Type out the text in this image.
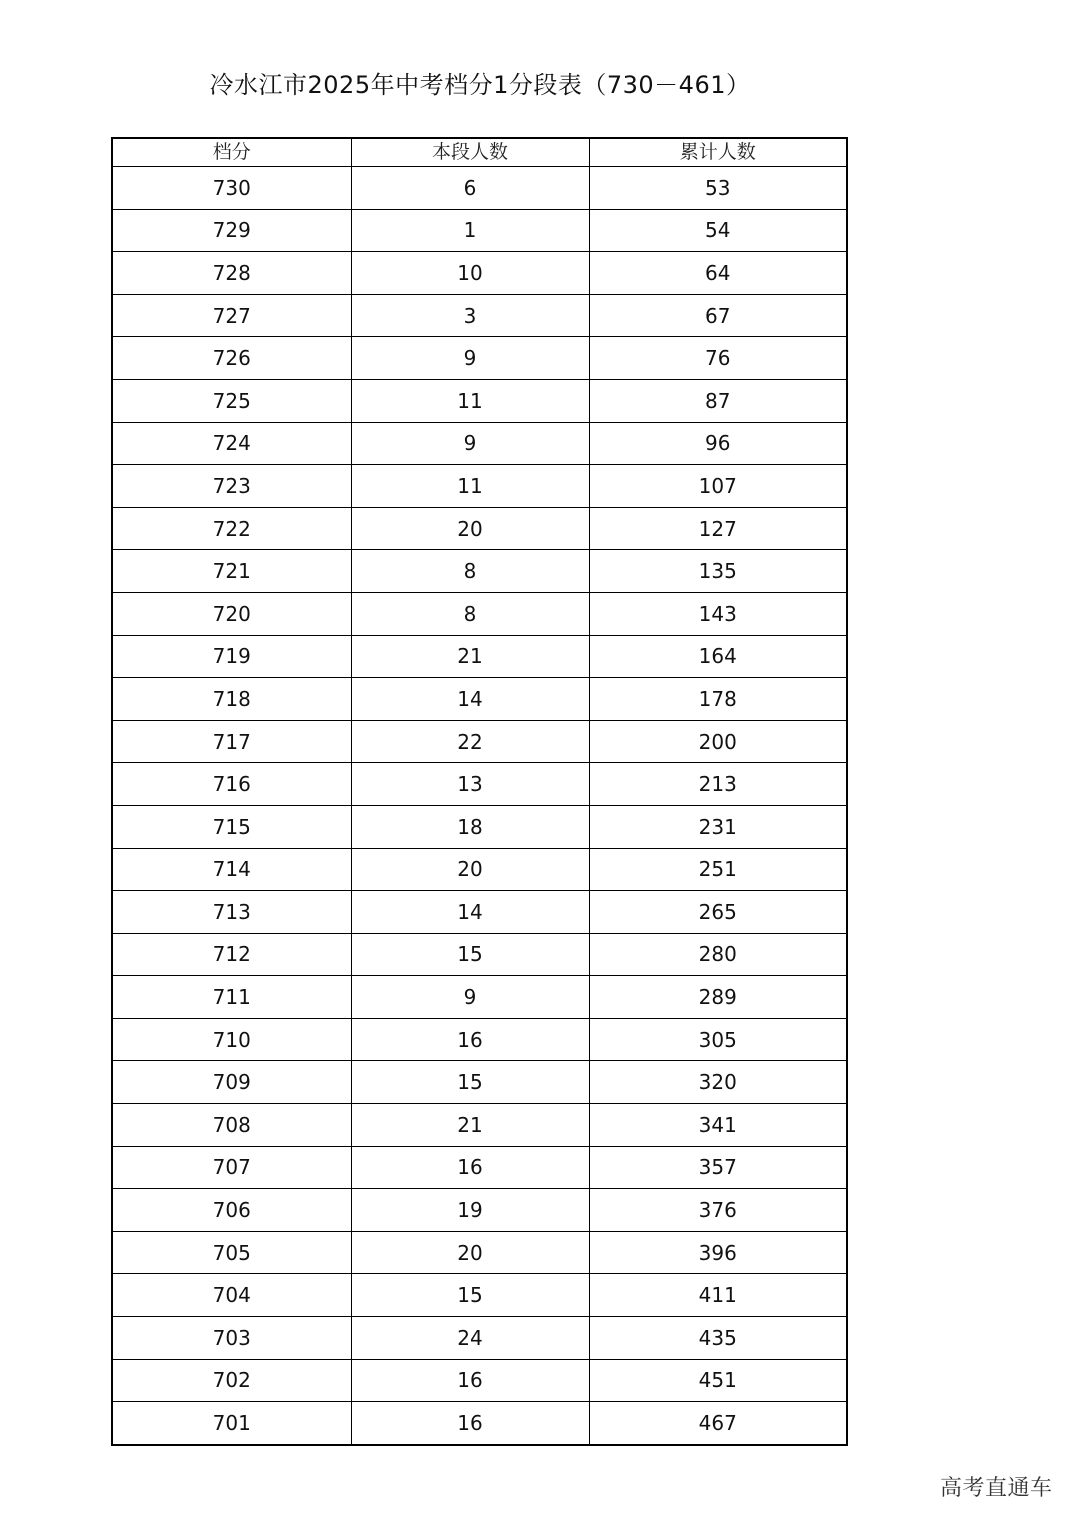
冷水江市2025年中考档分1分段表（730－461）
档分	本段人数	累计人数
730	6	53
729	1	54
728	10	64
727	3	67
726	9	76
725	11	87
724	9	96
723	11	107
722	20	127
721	8	135
720	8	143
719	21	164
718	14	178
717	22	200
716	13	213
715	18	231
714	20	251
713	14	265
712	15	280
711	9	289
710	16	305
709	15	320
708	21	341
707	16	357
706	19	376
705	20	396
704	15	411
703	24	435
702	16	451
701	16	467
高考直通车
